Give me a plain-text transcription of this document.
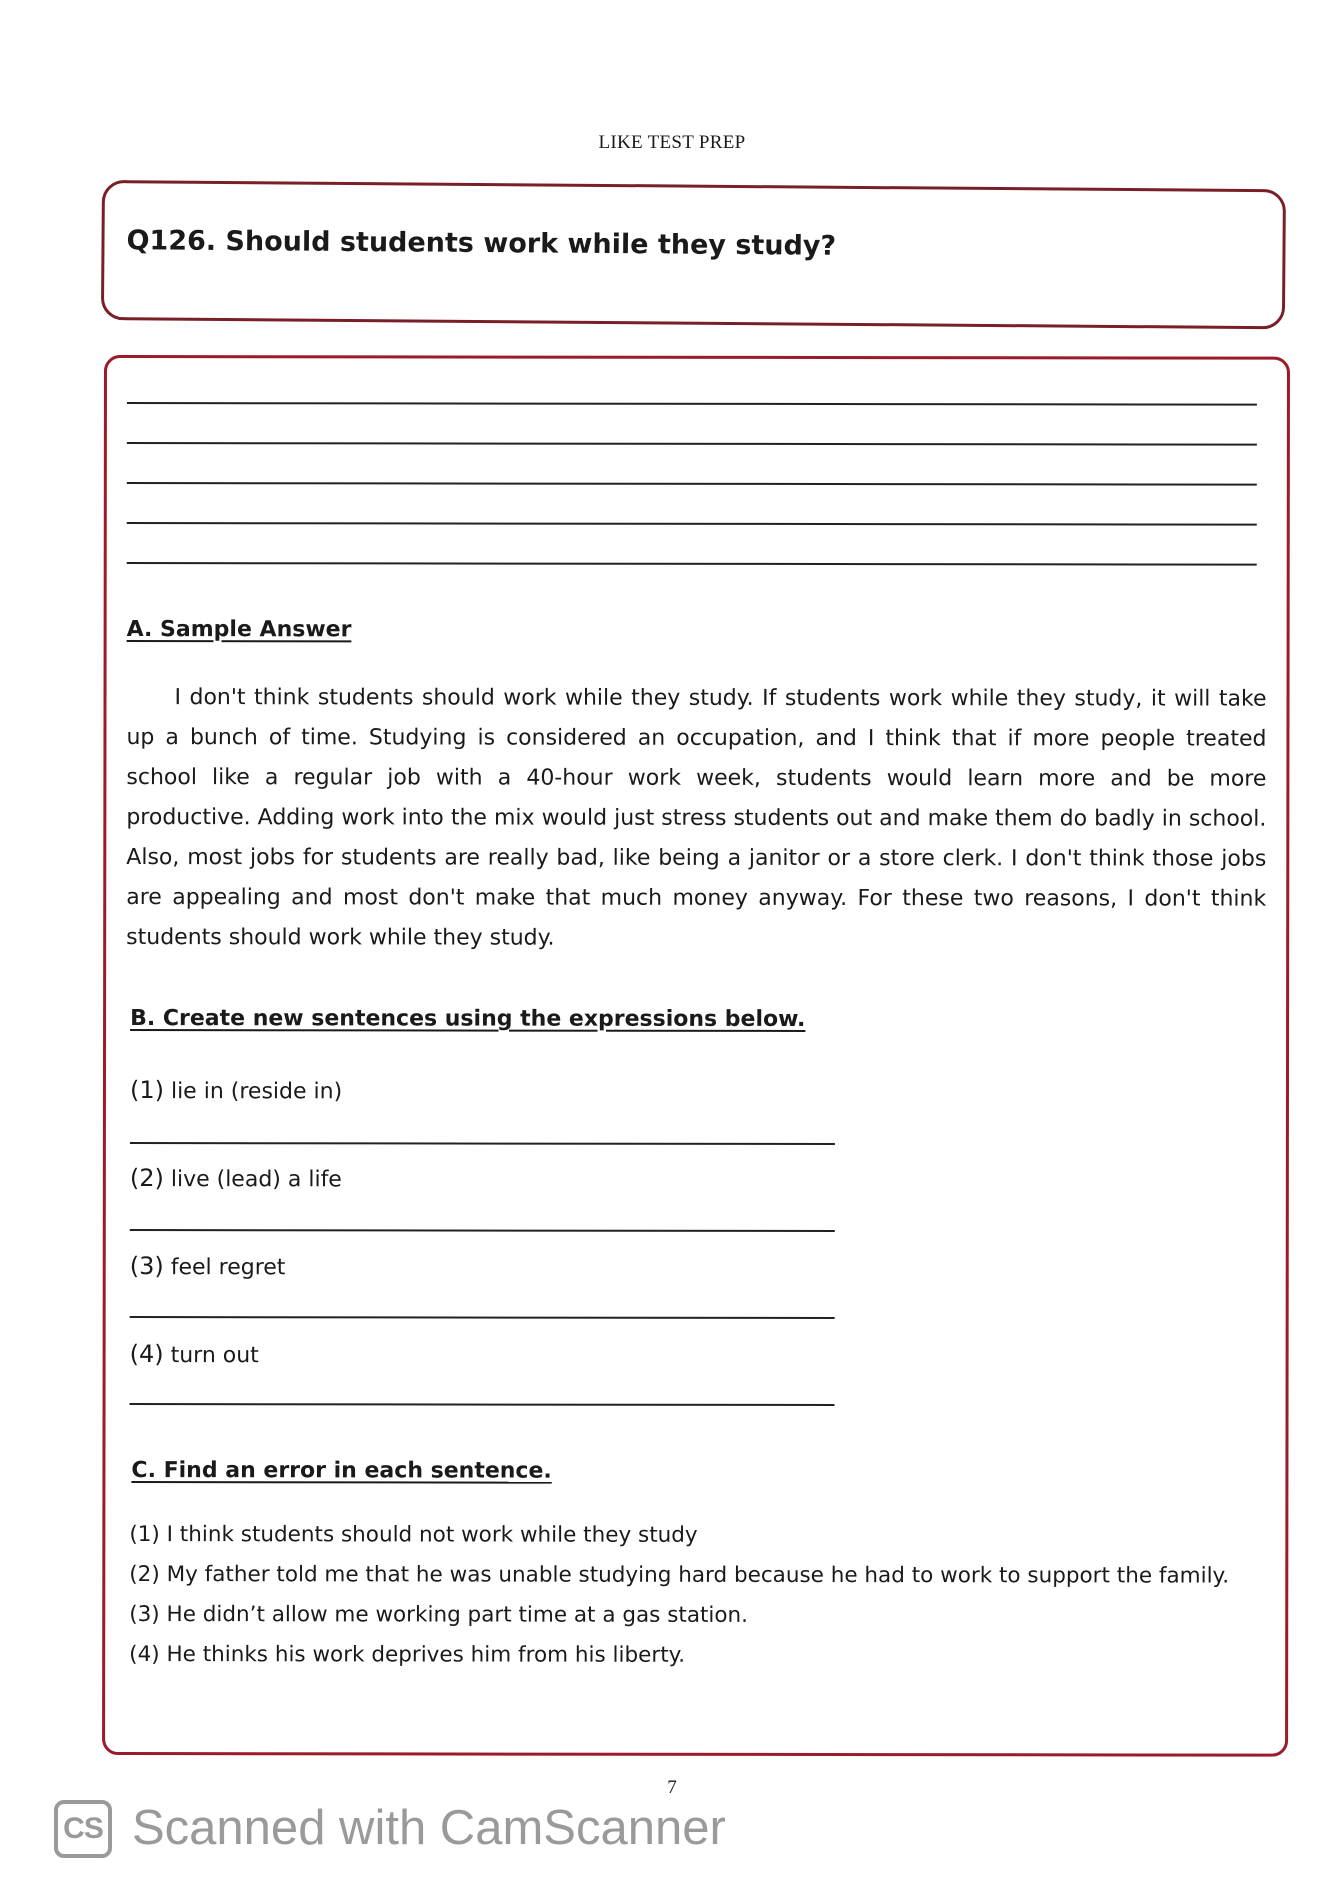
LIKE TEST PREP
Q126. Should students work while they study?
A. Sample Answer
I don't think students should work while they study. If students work while they study, it will take up a bunch of time. Studying is considered an occupation, and I think that if more people treated school like a regular job with a 40-hour work week, students would learn more and be more productive. Adding work into the mix would just stress students out and make them do badly in school. Also, most jobs for students are really bad, like being a janitor or a store clerk. I don't think those jobs are appealing and most don't make that much money anyway. For these two reasons, I don't think students should work while they study.
B. Create new sentences using the expressions below.
(1) lie in (reside in)
(2) live (lead) a life
(3) feel regret
(4) turn out
C. Find an error in each sentence.
(1) I think students should not work while they study
(2) My father told me that he was unable studying hard because he had to work to support the family.
(3) He didn’t allow me working part time at a gas station.
(4) He thinks his work deprives him from his liberty.
7
CS Scanned with CamScanner
